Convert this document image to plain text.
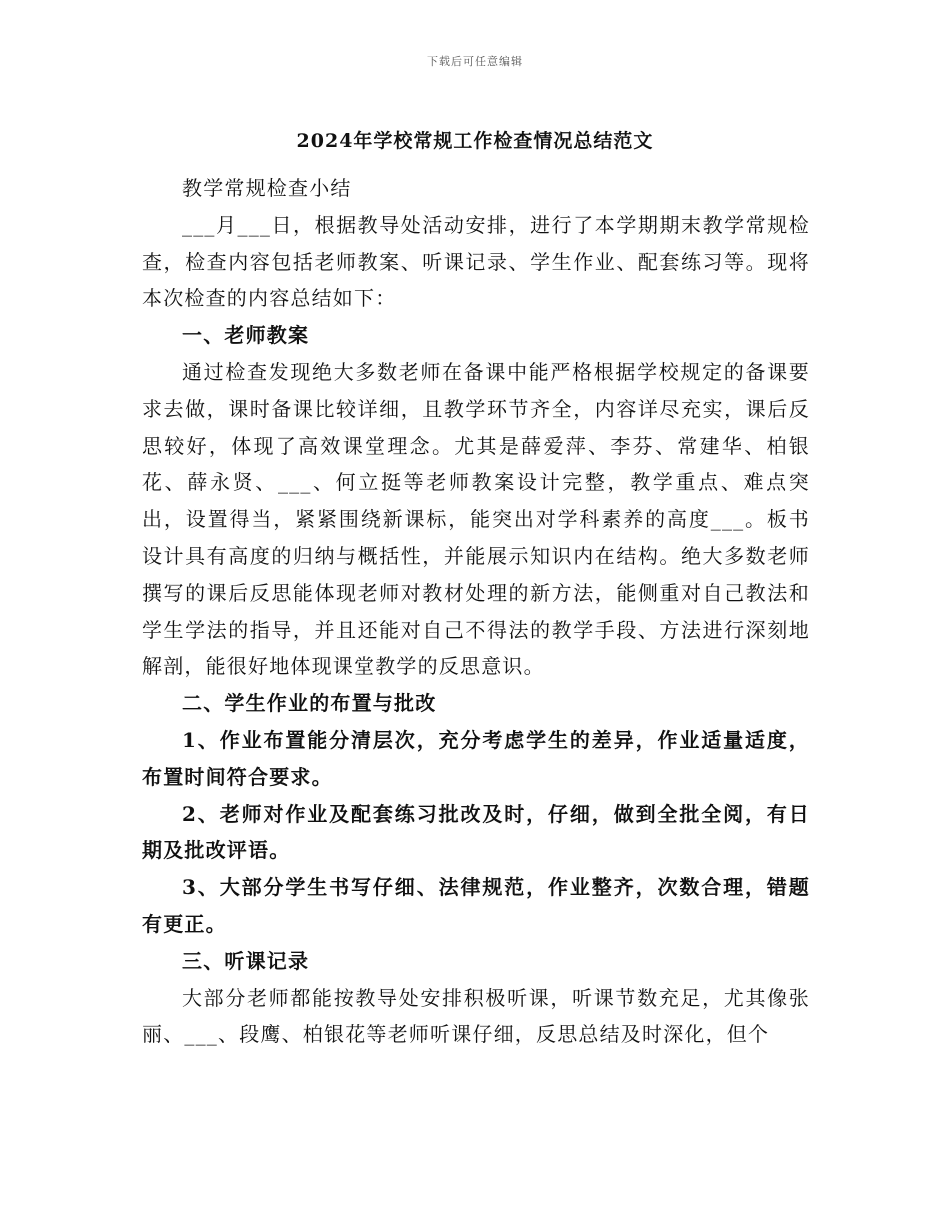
下载后可任意编辑
2024年学校常规工作检查情况总结范文

教学常规检查小结

___月___日，根据教导处活动安排，进行了本学期期末教学常规检查，检查内容包括老师教案、听课记录、学生作业、配套练习等。现将本次检查的内容总结如下：

一、老师教案

通过检查发现绝大多数老师在备课中能严格根据学校规定的备课要求去做，课时备课比较详细，且教学环节齐全，内容详尽充实，课后反思较好，体现了高效课堂理念。尤其是薛爱萍、李芬、常建华、柏银花、薛永贤、___、何立挺等老师教案设计完整，教学重点、难点突出，设置得当，紧紧围绕新课标，能突出对学科素养的高度___。板书设计具有高度的归纳与概括性，并能展示知识内在结构。绝大多数老师撰写的课后反思能体现老师对教材处理的新方法，能侧重对自己教法和学生学法的指导，并且还能对自己不得法的教学手段、方法进行深刻地解剖，能很好地体现课堂教学的反思意识。

二、学生作业的布置与批改

1、作业布置能分清层次，充分考虑学生的差异，作业适量适度，布置时间符合要求。

2、老师对作业及配套练习批改及时，仔细，做到全批全阅，有日期及批改评语。

3、大部分学生书写仔细、法律规范，作业整齐，次数合理，错题有更正。

三、听课记录

大部分老师都能按教导处安排积极听课，听课节数充足，尤其像张丽、___、段鹰、柏银花等老师听课仔细，反思总结及时深化，但个
